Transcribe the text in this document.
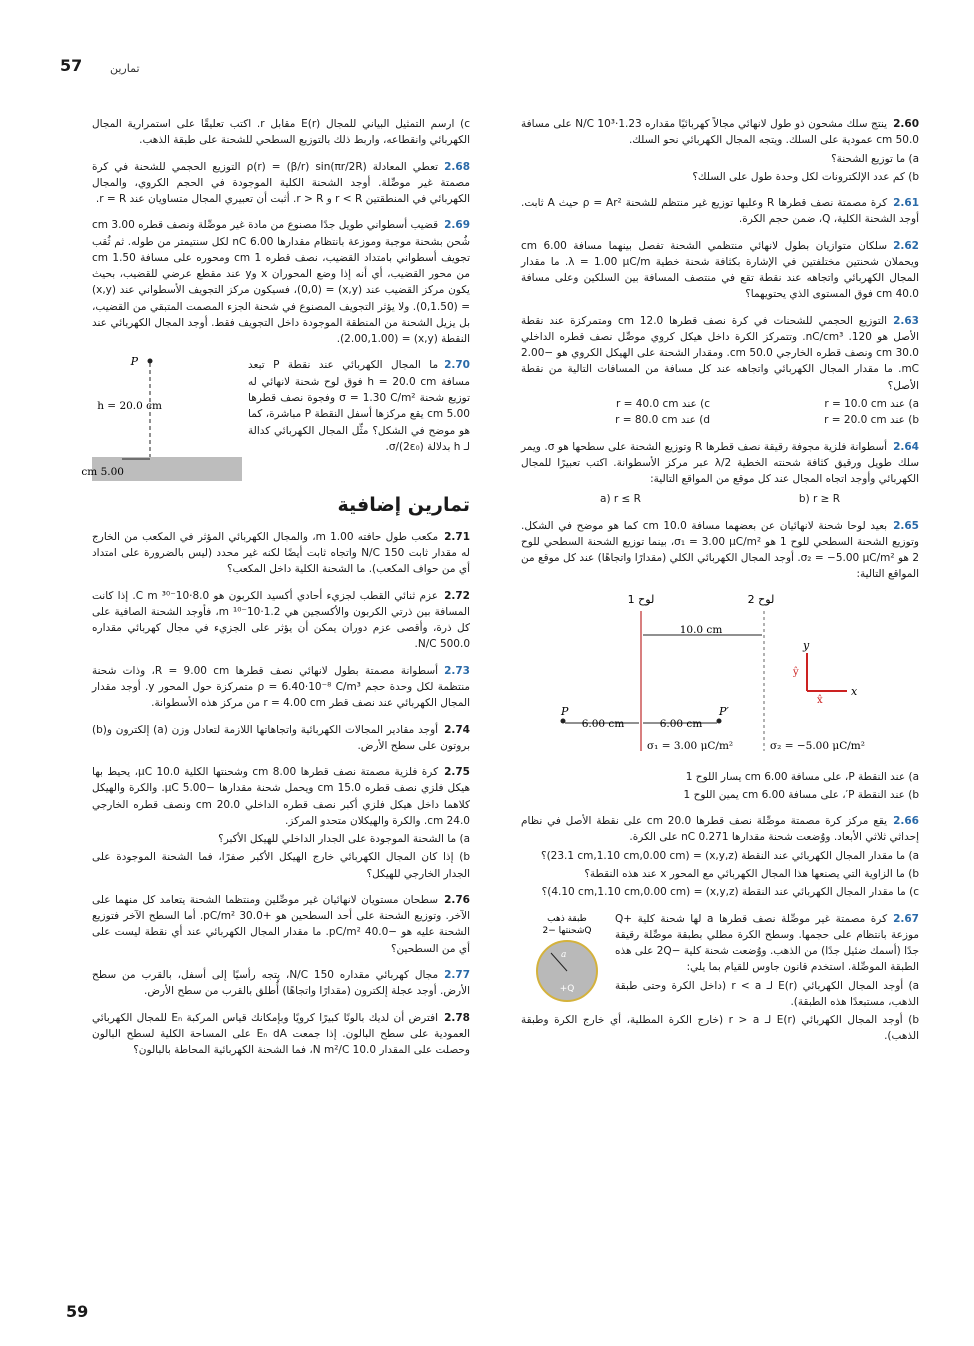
57	تمارين
2.60ينتج سلك مشحون ذو طول لانهائي مجالاً كهربائيًا مقداره 1.23·10³ N/C على مسافة 50.0 cm عمودية على السلك. ويتجه المجال الكهربائي نحو السلك.
a) ما توزيع الشحنة؟
b) كم عدد الإلكترونات لكل وحدة طول على السلك؟
2.61كرة مصمتة نصف قطرها R وعليها توزيع غير منتظم للشحنة ρ = Ar² حيث A ثابت. أوجد الشحنة الكلية، Q، ضمن حجم الكرة.
2.62سلكان متوازيان بطول لانهائي منتظمي الشحنة تفصل بينهما مسافة 6.00 cm ويحملان شحنتين مختلفتين في الإشارة بكثافة شحنة خطية λ = 1.00 μC/m. ما مقدار المجال الكهربائي واتجاهه عند نقطة تقع في منتصف المسافة بين السلكين وعلى مسافة 40.0 cm فوق المستوى الذي يحتويهما؟
2.63التوزيع الحجمي للشحنات في كرة نصف قطرها 12.0 cm ومتمركزة عند نقطة الأصل هو 120. nC/cm³. وتتمركز الكرة داخل هيكل كروي موصِّل نصف قطره الداخلي 30.0 cm ونصف قطره الخارجي 50.0 cm. ومقدار الشحنة على الهيكل الكروي هو −2.00 mC. ما مقدار المجال الكهربائي واتجاهه عند كل مسافة من المسافات التالية من نقطة الأصل؟
a) عند r = 10.0 cm
c) عند r = 40.0 cm
b) عند r = 20.0 cm
d) عند r = 80.0 cm
2.64أسطوانة فلزية مجوفة رقيقة نصف قطرها R وتوزيع الشحنة على سطحها هو σ. ويمر سلك طويل ورقيق كثافة شحنته الخطية λ/2 عبر مركز الأسطوانة. اكتب تعبيرًا للمجال الكهربائي وأوجد اتجاه المجال عند كل موقع من المواقع التالية:
a) r ≤ R	b) r ≥ R
2.65بعيد لوحا شحنة لانهائيان عن بعضهما مسافة 10.0 cm كما هو موضح في الشكل. وتوزيع الشحنة السطحي للوح 1 هو σ₁ = 3.00 μC/m²، بينما توزيع الشحنة السطحي للوح 2 هو σ₂ = −5.00 μC/m². أوجد المجال الكهربائي الكلي (مقدارًا واتجاهًا) عند كل موقع من المواقع التالية:
لوح 1	لوح 2
10.0 cm
P
6.00 cm
P′
6.00 cm
σ₁ = 3.00 μC/m²	σ₂ = −5.00 μC/m²
x
y
x̂
ŷ
a) عند النقطة P، على مسافة 6.00 cm يسار اللوح 1
b) عند النقطة P′، على مسافة 6.00 cm يمين اللوح 1
2.66يقع مركز كرة مصمتة موصِّلة نصف قطرها 20.0 cm على نقطة الأصل في نظام إحداثي ثلاثي الأبعاد. ووُضعت شحنة مقدارها 0.271 nC على الكرة.
a) ما مقدار المجال الكهربائي عند النقطة (x,y,z) = (23.1 cm,1.10 cm,0.00 cm)؟
b) ما الزاوية التي يصنعها هذا المجال الكهربائي مع المحور x عند هذه النقطة؟
c) ما مقدار المجال الكهربائي عند النقطة (x,y,z) = (4.10 cm,1.10 cm,0.00 cm)؟
طبقة ذهب
شحنتها −2Q
a
+Q
2.67كرة مصمتة غير موصِّلة نصف قطرها a لها شحنة كلية +Q موزعة بانتظام على حجمها. وسطح الكرة مطلي بطبقة موصِّلة رقيقة جدًا (أسمك ضئيل جدًا) من الذهب. ووُضعت شحنة كلية −2Q على هذه الطبقة الموصِّلة. استخدم قانون جاوس للقيام بما يلي:
a) أوجد المجال الكهربائي E(r) لـ r < a (داخل الكرة وحتى طبقة الذهب، مستبعدًا هذه الطبقة).
b) أوجد المجال الكهربائي E(r) لـ r > a (خارج الكرة المطلية، أي خارج الكرة وطبقة الذهب).
c) ارسم التمثيل البياني للمجال E(r) مقابل r. اكتب تعليقًا على استمرارية المجال الكهربائي وانقطاعه، واربط ذلك بالتوزيع السطحي للشحنة على طبقة الذهب.
2.68تعطي المعادلة ρ(r) = (β/r) sin(πr/2R) التوزيع الحجمي للشحنة في كرة مصمتة غير موصِّلة. أوجد الشحنة الكلية الموجودة في الحجم الكروي، والمجال الكهربائي في المنطقتين r < R و r > R. أثبت أن تعبيري المجال متساويان عند r = R.
2.69قضيب أسطواني طويل جدًا مصنوع من مادة غير موصِّلة ونصف قطره 3.00 cm شُحن بشحنة موجبة وموزعة بانتظام مقدارها 6.00 nC لكل سنتيمتر من طوله. ثم ثُقب تجويف أسطواني بامتداد القضيب، نصف قطره 1 cm ومحوره على مسافة 1.50 cm من محور القضيب، أي أنه إذا وضع المحوران x وy عند مقطع عرضي للقضيب، بحيث يكون مركز القضيب عند (x,y) = (0,0)، فسيكون مركز التجويف الأسطواني عند (x,y) = (0,1.50). ولا يؤثر التجويف المصنوع في شحنة الجزء المصمت المتبقي من القضيب، بل يزيل الشحنة من المنطقة الموجودة داخل التجويف فقط. أوجد المجال الكهربائي عند النقطة (x,y) = (2.00,1.00).
P
h = 20.0 cm
5.00 cm
2.70ما المجال الكهربائي عند نقطة P تبعد مسافة h = 20.0 cm فوق لوح شحنة لانهائي له توزيع شحنة σ = 1.30 C/m² وفجوة نصف قطرها 5.00 cm يقع مركزها أسفل النقطة P مباشرة، كما هو موضح في الشكل؟ مثِّل المجال الكهربائي كدالة لـ h بدلالة σ/(2ε₀).
تمارين إضافية
2.71مكعب طول حافته 1.00 m، والمجال الكهربائي المؤثر في المكعب من الخارج له مقدار ثابت 150 N/C واتجاه ثابت أيضًا لكنه غير محدد (ليس بالضرورة على امتداد أي من حواف المكعب). ما الشحنة الكلية داخل المكعب؟
2.72عزم ثنائي القطب لجزيء أحادي أكسيد الكربون هو 8.0·10⁻³⁰ C m. إذا كانت المسافة بين ذرتي الكربون والأكسجين هي 1.2·10⁻¹⁰ m، فأوجد الشحنة الصافية على كل ذرة، وأقصى عزم دوران يمكن أن يؤثر على الجزيء في مجال كهربائي مقداره 500.0 N/C.
2.73أسطوانة مصمتة بطول لانهائي نصف قطرها R = 9.00 cm، وذات شحنة منتظمة لكل وحدة حجم ρ = 6.40·10⁻⁸ C/m³ متمركزة حول المحور y. أوجد مقدار المجال الكهربائي عند نصف قطر r = 4.00 cm من مركز هذه الأسطوانة.
2.74أوجد مقادير المجالات الكهربائية واتجاهاتها اللازمة لتعادل وزن (a) إلكترون و(b) بروتون على سطح الأرض.
2.75كرة فلزية مصمتة نصف قطرها 8.00 cm وشحنتها الكلية 10.0 μC، يحيط بها هيكل فلزي نصف قطره 15.0 cm ويحمل شحنة مقدارها −5.00 μC. والكرة والهيكل كلاهما داخل هيكل فلزي أكبر نصف قطره الداخلي 20.0 cm ونصف قطره الخارجي 24.0 cm. والكرة والهيكلان متحدو المركز.
a) ما الشحنة الموجودة على الجدار الداخلي للهيكل الأكبر؟
b) إذا كان المجال الكهربائي خارج الهيكل الأكبر صفرًا، فما الشحنة الموجودة على الجدار الخارجي للهيكل؟
2.76سطحان مستويان لانهائيان غير موصِّلين ومنتظما الشحنة يتعامد كل منهما على الآخر. وتوزيع الشحنة على أحد السطحين هو +30.0 pC/m². أما السطح الآخر فتوزيع الشحنة عليه هو −40.0 pC/m². ما مقدار المجال الكهربائي عند أي نقطة ليست على أي من السطحين؟
2.77مجال كهربائي مقداره 150 N/C، يتجه رأسيًا إلى أسفل، بالقرب من سطح الأرض. أوجد عجلة إلكترون (مقدارًا واتجاهًا) أُطلق بالقرب من سطح الأرض.
2.78افترض أن لديك بالونًا كبيرًا كرويًا وبإمكانك قياس المركبة Eₙ للمجال الكهربائي العمودية على سطح البالون. إذا جمعت Eₙ dA على المساحة الكلية لسطح البالون وحصلت على المقدار 10.0 N m²/C، فما الشحنة الكهربائية المحاطة بالبالون؟
59
